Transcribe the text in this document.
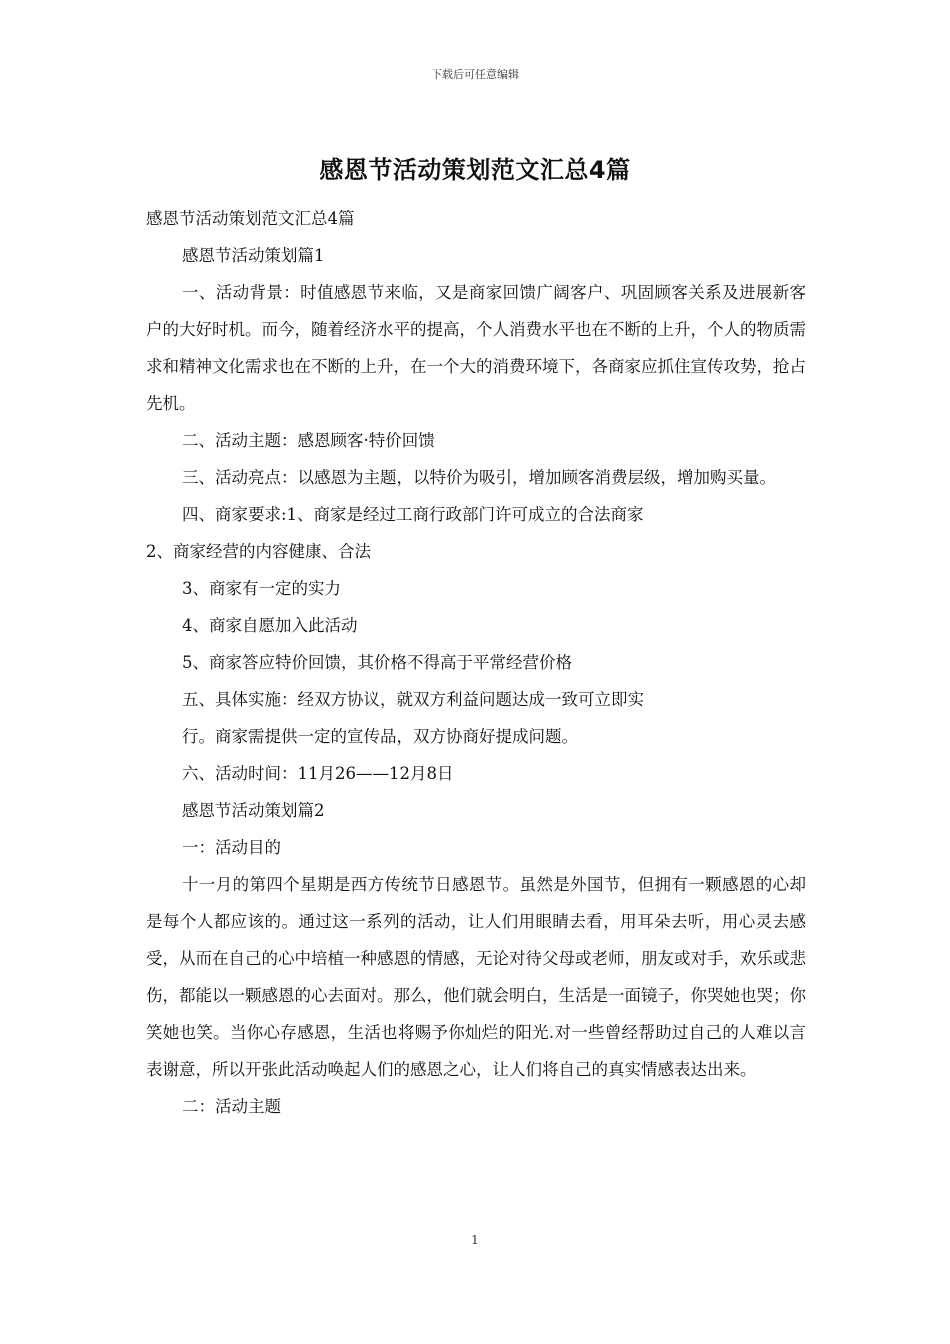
下载后可任意编辑
感恩节活动策划范文汇总4篇

感恩节活动策划范文汇总4篇

感恩节活动策划篇1

一、活动背景：时值感恩节来临，又是商家回馈广阔客户、巩固顾客关系及进展新客户的大好时机。而今，随着经济水平的提高，个人消费水平也在不断的上升，个人的物质需求和精神文化需求也在不断的上升，在一个大的消费环境下，各商家应抓住宣传攻势，抢占先机。

二、活动主题：感恩顾客·特价回馈

三、活动亮点：以感恩为主题，以特价为吸引，增加顾客消费层级，增加购买量。

四、商家要求:1、商家是经过工商行政部门许可成立的合法商家

2、商家经营的内容健康、合法

3、商家有一定的实力

4、商家自愿加入此活动

5、商家答应特价回馈，其价格不得高于平常经营价格

五、具体实施：经双方协议，就双方利益问题达成一致可立即实

行。商家需提供一定的宣传品，双方协商好提成问题。

六、活动时间：11月26——12月8日

感恩节活动策划篇2

一：活动目的

十一月的第四个星期是西方传统节日感恩节。虽然是外国节，但拥有一颗感恩的心却是每个人都应该的。通过这一系列的活动，让人们用眼睛去看，用耳朵去听，用心灵去感受，从而在自己的心中培植一种感恩的情感，无论对待父母或老师，朋友或对手，欢乐或悲伤，都能以一颗感恩的心去面对。那么，他们就会明白，生活是一面镜子，你哭她也哭；你笑她也笑。当你心存感恩，生活也将赐予你灿烂的阳光.对一些曾经帮助过自己的人难以言表谢意，所以开张此活动唤起人们的感恩之心，让人们将自己的真实情感表达出来。

二：活动主题

1
